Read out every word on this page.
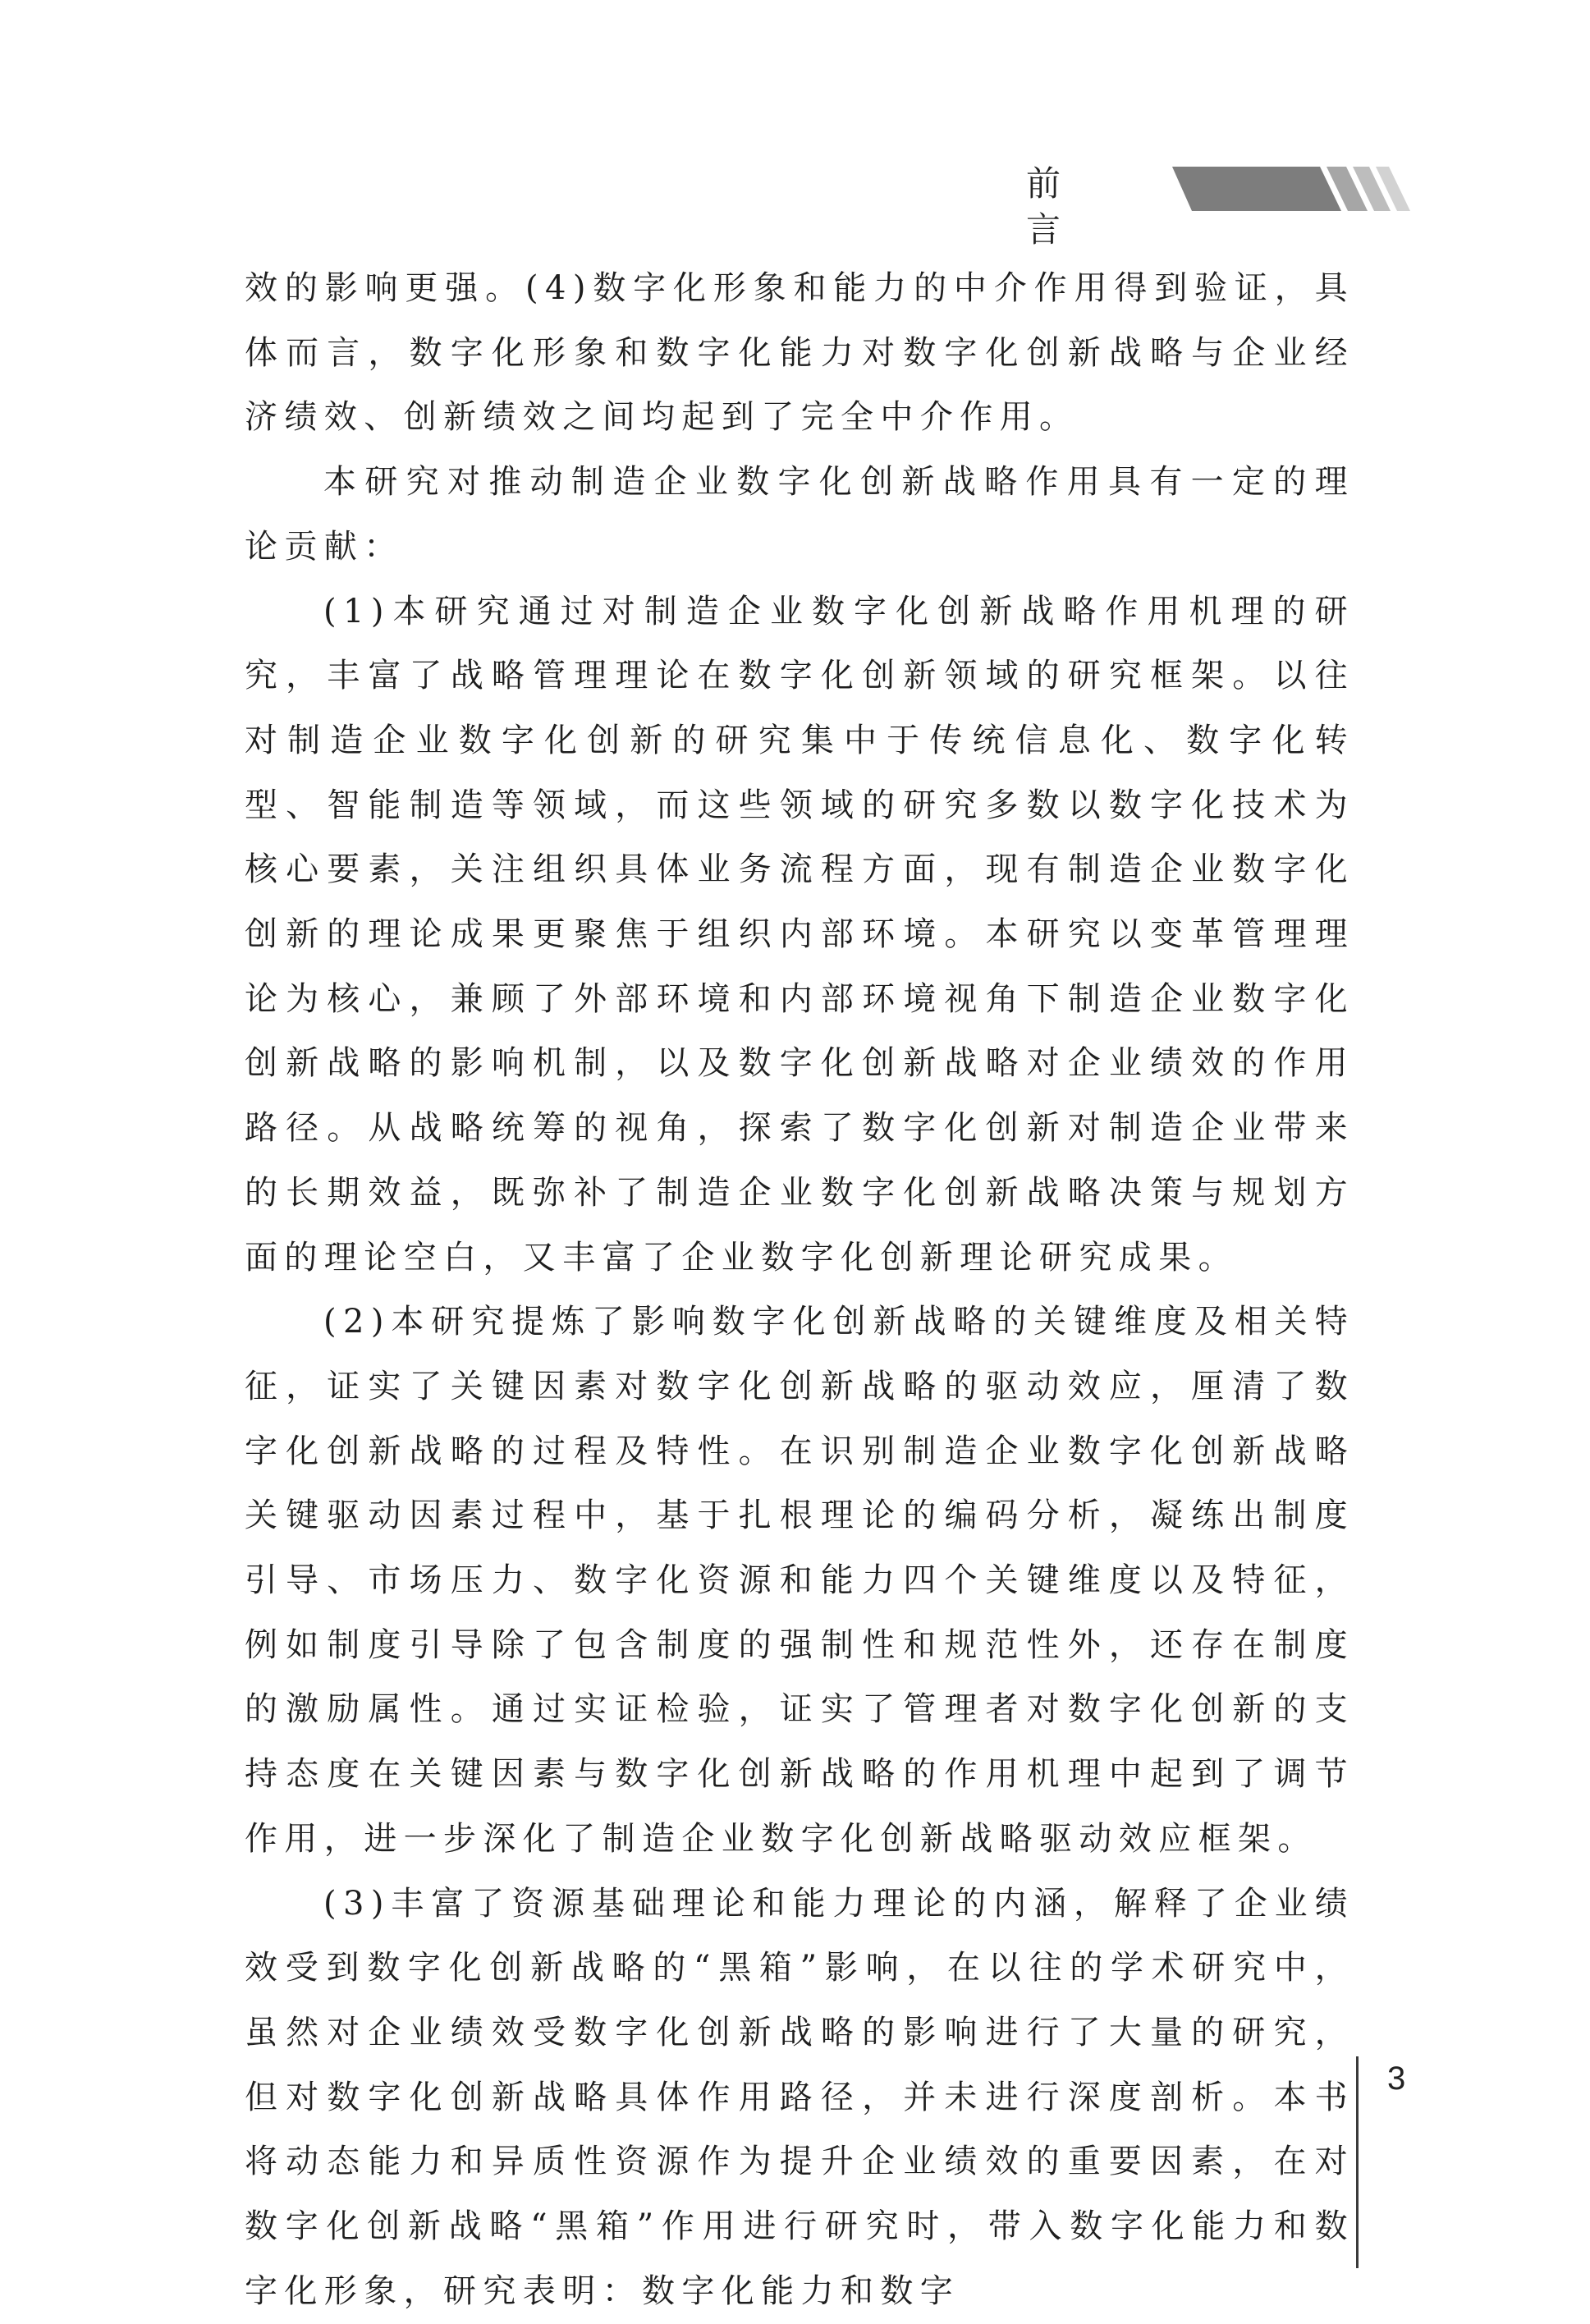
前 言

效的影响更强。(4)数字化形象和能力的中介作用得到验证，具体而言，数字化形象和数字化能力对数字化创新战略与企业经济绩效、创新绩效之间均起到了完全中介作用。

本研究对推动制造企业数字化创新战略作用具有一定的理论贡献：

(1)本研究通过对制造企业数字化创新战略作用机理的研究，丰富了战略管理理论在数字化创新领域的研究框架。以往对制造企业数字化创新的研究集中于传统信息化、数字化转型、智能制造等领域，而这些领域的研究多数以数字化技术为核心要素，关注组织具体业务流程方面，现有制造企业数字化创新的理论成果更聚焦于组织内部环境。本研究以变革管理理论为核心，兼顾了外部环境和内部环境视角下制造企业数字化创新战略的影响机制，以及数字化创新战略对企业绩效的作用路径。从战略统筹的视角，探索了数字化创新对制造企业带来的长期效益，既弥补了制造企业数字化创新战略决策与规划方面的理论空白，又丰富了企业数字化创新理论研究成果。

(2)本研究提炼了影响数字化创新战略的关键维度及相关特征，证实了关键因素对数字化创新战略的驱动效应，厘清了数字化创新战略的过程及特性。在识别制造企业数字化创新战略关键驱动因素过程中，基于扎根理论的编码分析，凝练出制度引导、市场压力、数字化资源和能力四个关键维度以及特征，例如制度引导除了包含制度的强制性和规范性外，还存在制度的激励属性。通过实证检验，证实了管理者对数字化创新的支持态度在关键因素与数字化创新战略的作用机理中起到了调节作用，进一步深化了制造企业数字化创新战略驱动效应框架。

(3)丰富了资源基础理论和能力理论的内涵，解释了企业绩效受到数字化创新战略的“黑箱”影响，在以往的学术研究中，虽然对企业绩效受数字化创新战略的影响进行了大量的研究，但对数字化创新战略具体作用路径，并未进行深度剖析。本书将动态能力和异质性资源作为提升企业绩效的重要因素，在对数字化创新战略“黑箱”作用进行研究时，带入数字化能力和数字化形象，研究表明：数字化能力和数字

3
